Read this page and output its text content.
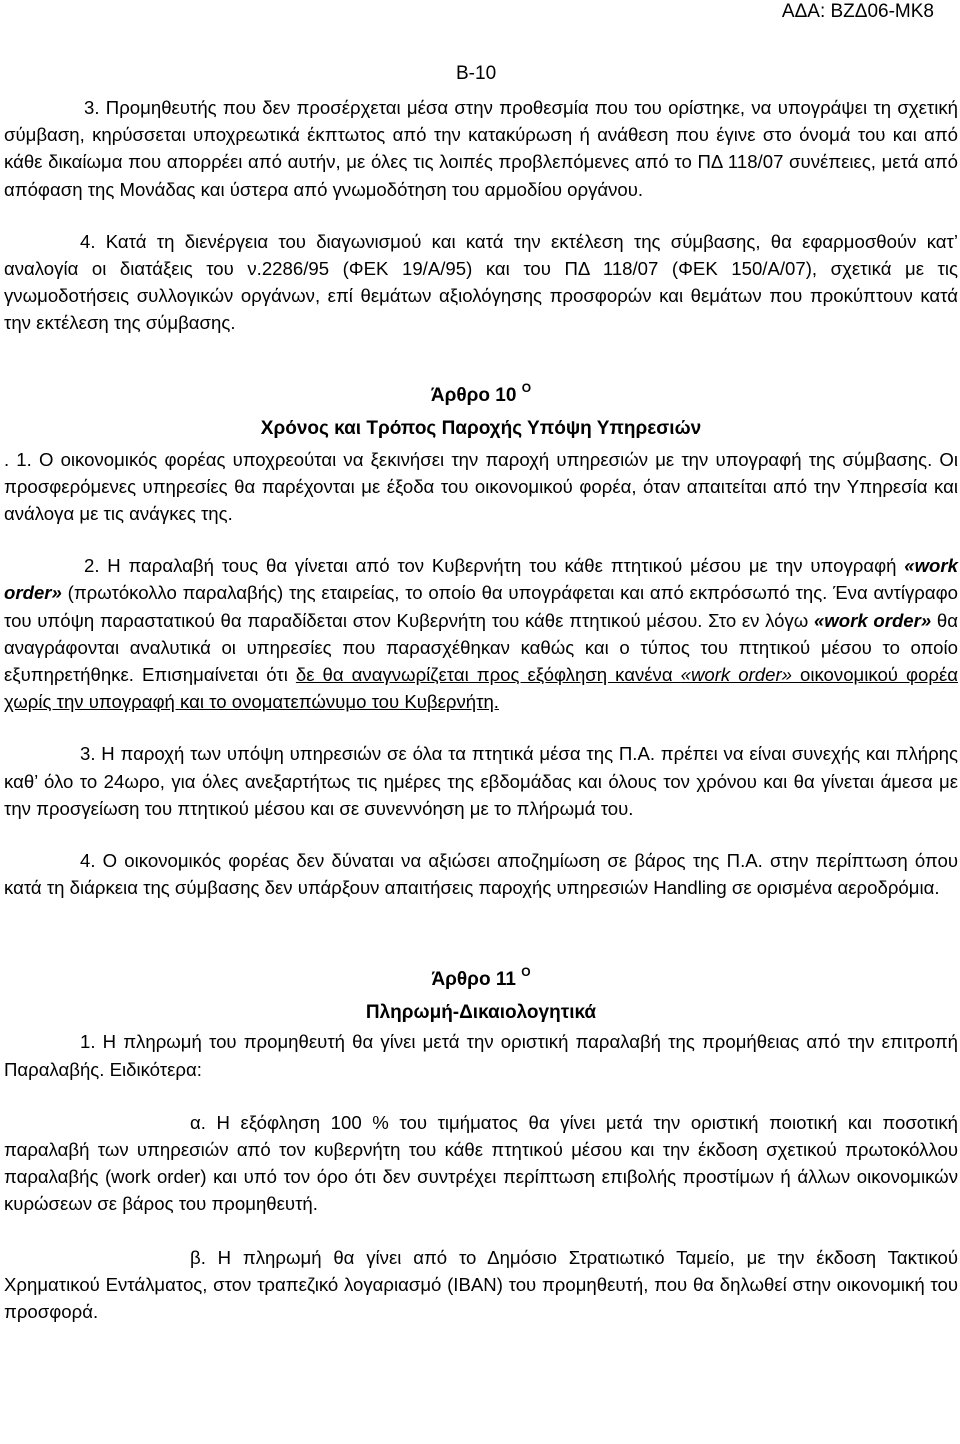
ΑΔΑ: ΒΖΔ06-ΜΚ8
Β-10

3. Προμηθευτής που δεν προσέρχεται μέσα στην προθεσμία που του ορίστηκε, να υπογράψει τη σχετική σύμβαση, κηρύσσεται υποχρεωτικά έκπτωτος από την κατακύρωση ή ανάθεση που έγινε στο όνομά του και από κάθε δικαίωμα που απορρέει από αυτήν, με όλες τις λοιπές προβλεπόμενες από το ΠΔ 118/07 συνέπειες, μετά από απόφαση της Μονάδας και ύστερα από γνωμοδότηση του αρμοδίου οργάνου.

4. Κατά τη διενέργεια του διαγωνισμού και κατά την εκτέλεση της σύμβασης, θα εφαρμοσθούν κατ’ αναλογία οι διατάξεις του ν.2286/95 (ΦΕΚ 19/Α/95) και του ΠΔ 118/07 (ΦΕΚ 150/Α/07), σχετικά με τις γνωμοδοτήσεις συλλογικών οργάνων, επί θεμάτων αξιολόγησης προσφορών και θεμάτων που προκύπτουν κατά την εκτέλεση της σύμβασης.

Άρθρο 10 $^O$
Χρόνος και Τρόπος Παροχής Υπόψη Υπηρεσιών

. 1. Ο οικονομικός φορέας υποχρεούται να ξεκινήσει την παροχή υπηρεσιών με την υπογραφή της σύμβασης. Οι προσφερόμενες υπηρεσίες θα παρέχονται με έξοδα του οικονομικού φορέα, όταν απαιτείται από την Υπηρεσία και ανάλογα με τις ανάγκες της.

2. Η παραλαβή τους θα γίνεται από τον Κυβερνήτη του κάθε πτητικού μέσου με την υπογραφή «work order» (πρωτόκολλο παραλαβής) της εταιρείας, το οποίο θα υπογράφεται και από εκπρόσωπό της. Ένα αντίγραφο του υπόψη παραστατικού θα παραδίδεται στον Κυβερνήτη του κάθε πτητικού μέσου. Στο εν λόγω «work order» θα αναγράφονται αναλυτικά οι υπηρεσίες που παρασχέθηκαν καθώς και ο τύπος του πτητικού μέσου το οποίο εξυπηρετήθηκε. Επισημαίνεται ότι δε θα αναγνωρίζεται προς εξόφληση κανένα «work order» οικονομικού φορέα χωρίς την υπογραφή και το ονοματεπώνυμο του Κυβερνήτη.

3. Η παροχή των υπόψη υπηρεσιών σε όλα τα πτητικά μέσα της Π.Α. πρέπει να είναι συνεχής και πλήρης καθ’ όλο το 24ωρο, για όλες ανεξαρτήτως τις ημέρες της εβδομάδας και όλους τον χρόνου και θα γίνεται άμεσα με την προσγείωση του πτητικού μέσου και σε συνεννόηση με το πλήρωμά του.

4. Ο οικονομικός φορέας δεν δύναται να αξιώσει αποζημίωση σε βάρος της Π.Α. στην περίπτωση όπου κατά τη διάρκεια της σύμβασης δεν υπάρξουν απαιτήσεις παροχής υπηρεσιών Handling σε ορισμένα αεροδρόμια.

Άρθρο 11 $^O$
Πληρωμή-Δικαιολογητικά

1. Η πληρωμή του προμηθευτή θα γίνει μετά την οριστική παραλαβή της προμήθειας από την επιτροπή Παραλαβής. Ειδικότερα:

α. Η εξόφληση 100 % του τιμήματος θα γίνει μετά την οριστική ποιοτική και ποσοτική παραλαβή των υπηρεσιών από τον κυβερνήτη του κάθε πτητικού μέσου και την έκδοση σχετικού πρωτοκόλλου παραλαβής (work order) και υπό τον όρο ότι δεν συντρέχει περίπτωση επιβολής προστίμων ή άλλων οικονομικών κυρώσεων σε βάρος του προμηθευτή.

β. Η πληρωμή θα γίνει από το Δημόσιο Στρατιωτικό Ταμείο, με την έκδοση Τακτικού Χρηματικού Εντάλματος, στον τραπεζικό λογαριασμό (IBAN) του προμηθευτή, που θα δηλωθεί στην οικονομική του προσφορά.
